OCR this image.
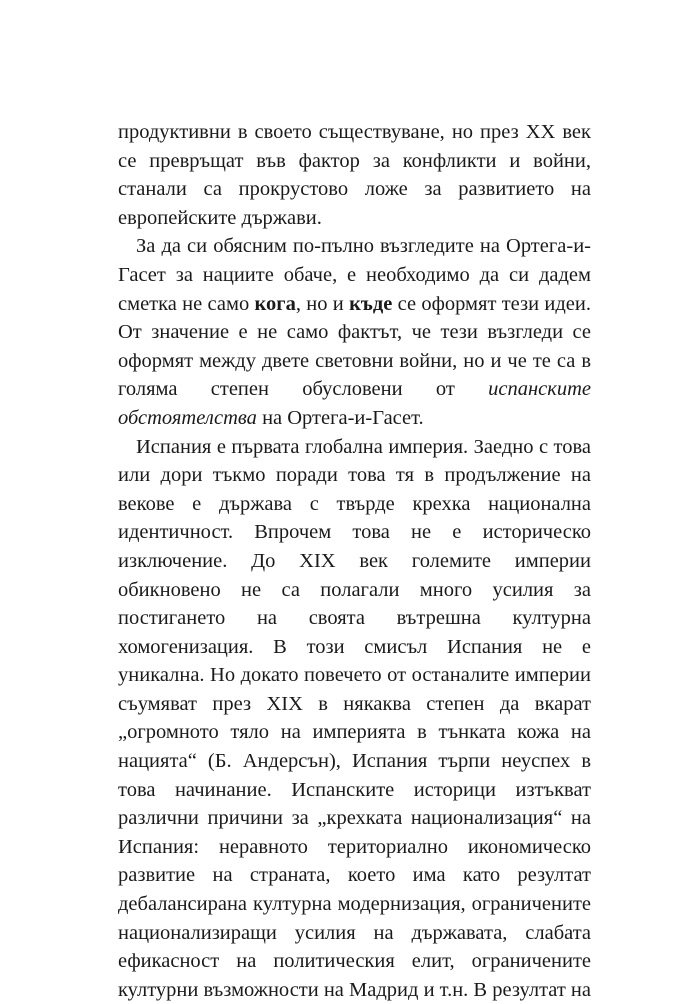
продуктивни в своето съществуване, но през ХХ век се превръщат във фактор за конфликти и войни, станали са прокрустово ложе за развитието на европейските държави.

За да си обясним по-пълно възгледите на Ортега-и-Гасет за нациите обаче, е необходимо да си дадем сметка не само кога, но и къде се оформят тези идеи. От значение е не само фактът, че тези възгледи се оформят между двете световни войни, но и че те са в голяма степен обусловени от испанските обстоятелства на Ортега-и-Гасет.

Испания е първата глобална империя. Заедно с това или дори тъкмо поради това тя в продължение на векове е държава с твърде крехка национална идентичност. Впрочем това не е историческо изключение. До ХIХ век големите империи обикновено не са полагали много усилия за постигането на своята вътрешна културна хомогенизация. В този смисъл Испания не е уникална. Но докато повечето от останалите империи съумяват през ХIХ в някаква степен да вкарат „огромното тяло на империята в тънката кожа на нацията“ (Б. Андерсън), Испания търпи неуспех в това начинание. Испанските историци изтъкват различни причини за „крехката национализация“ на Испания: неравното териториално икономическо развитие на страната, което има като резултат дебалансирана културна модернизация, ограничените национализиращи усилия на държавата, слабата ефикасност на политическия елит, ограничените културни възможности на Мадрид и т.н. В резултат на
